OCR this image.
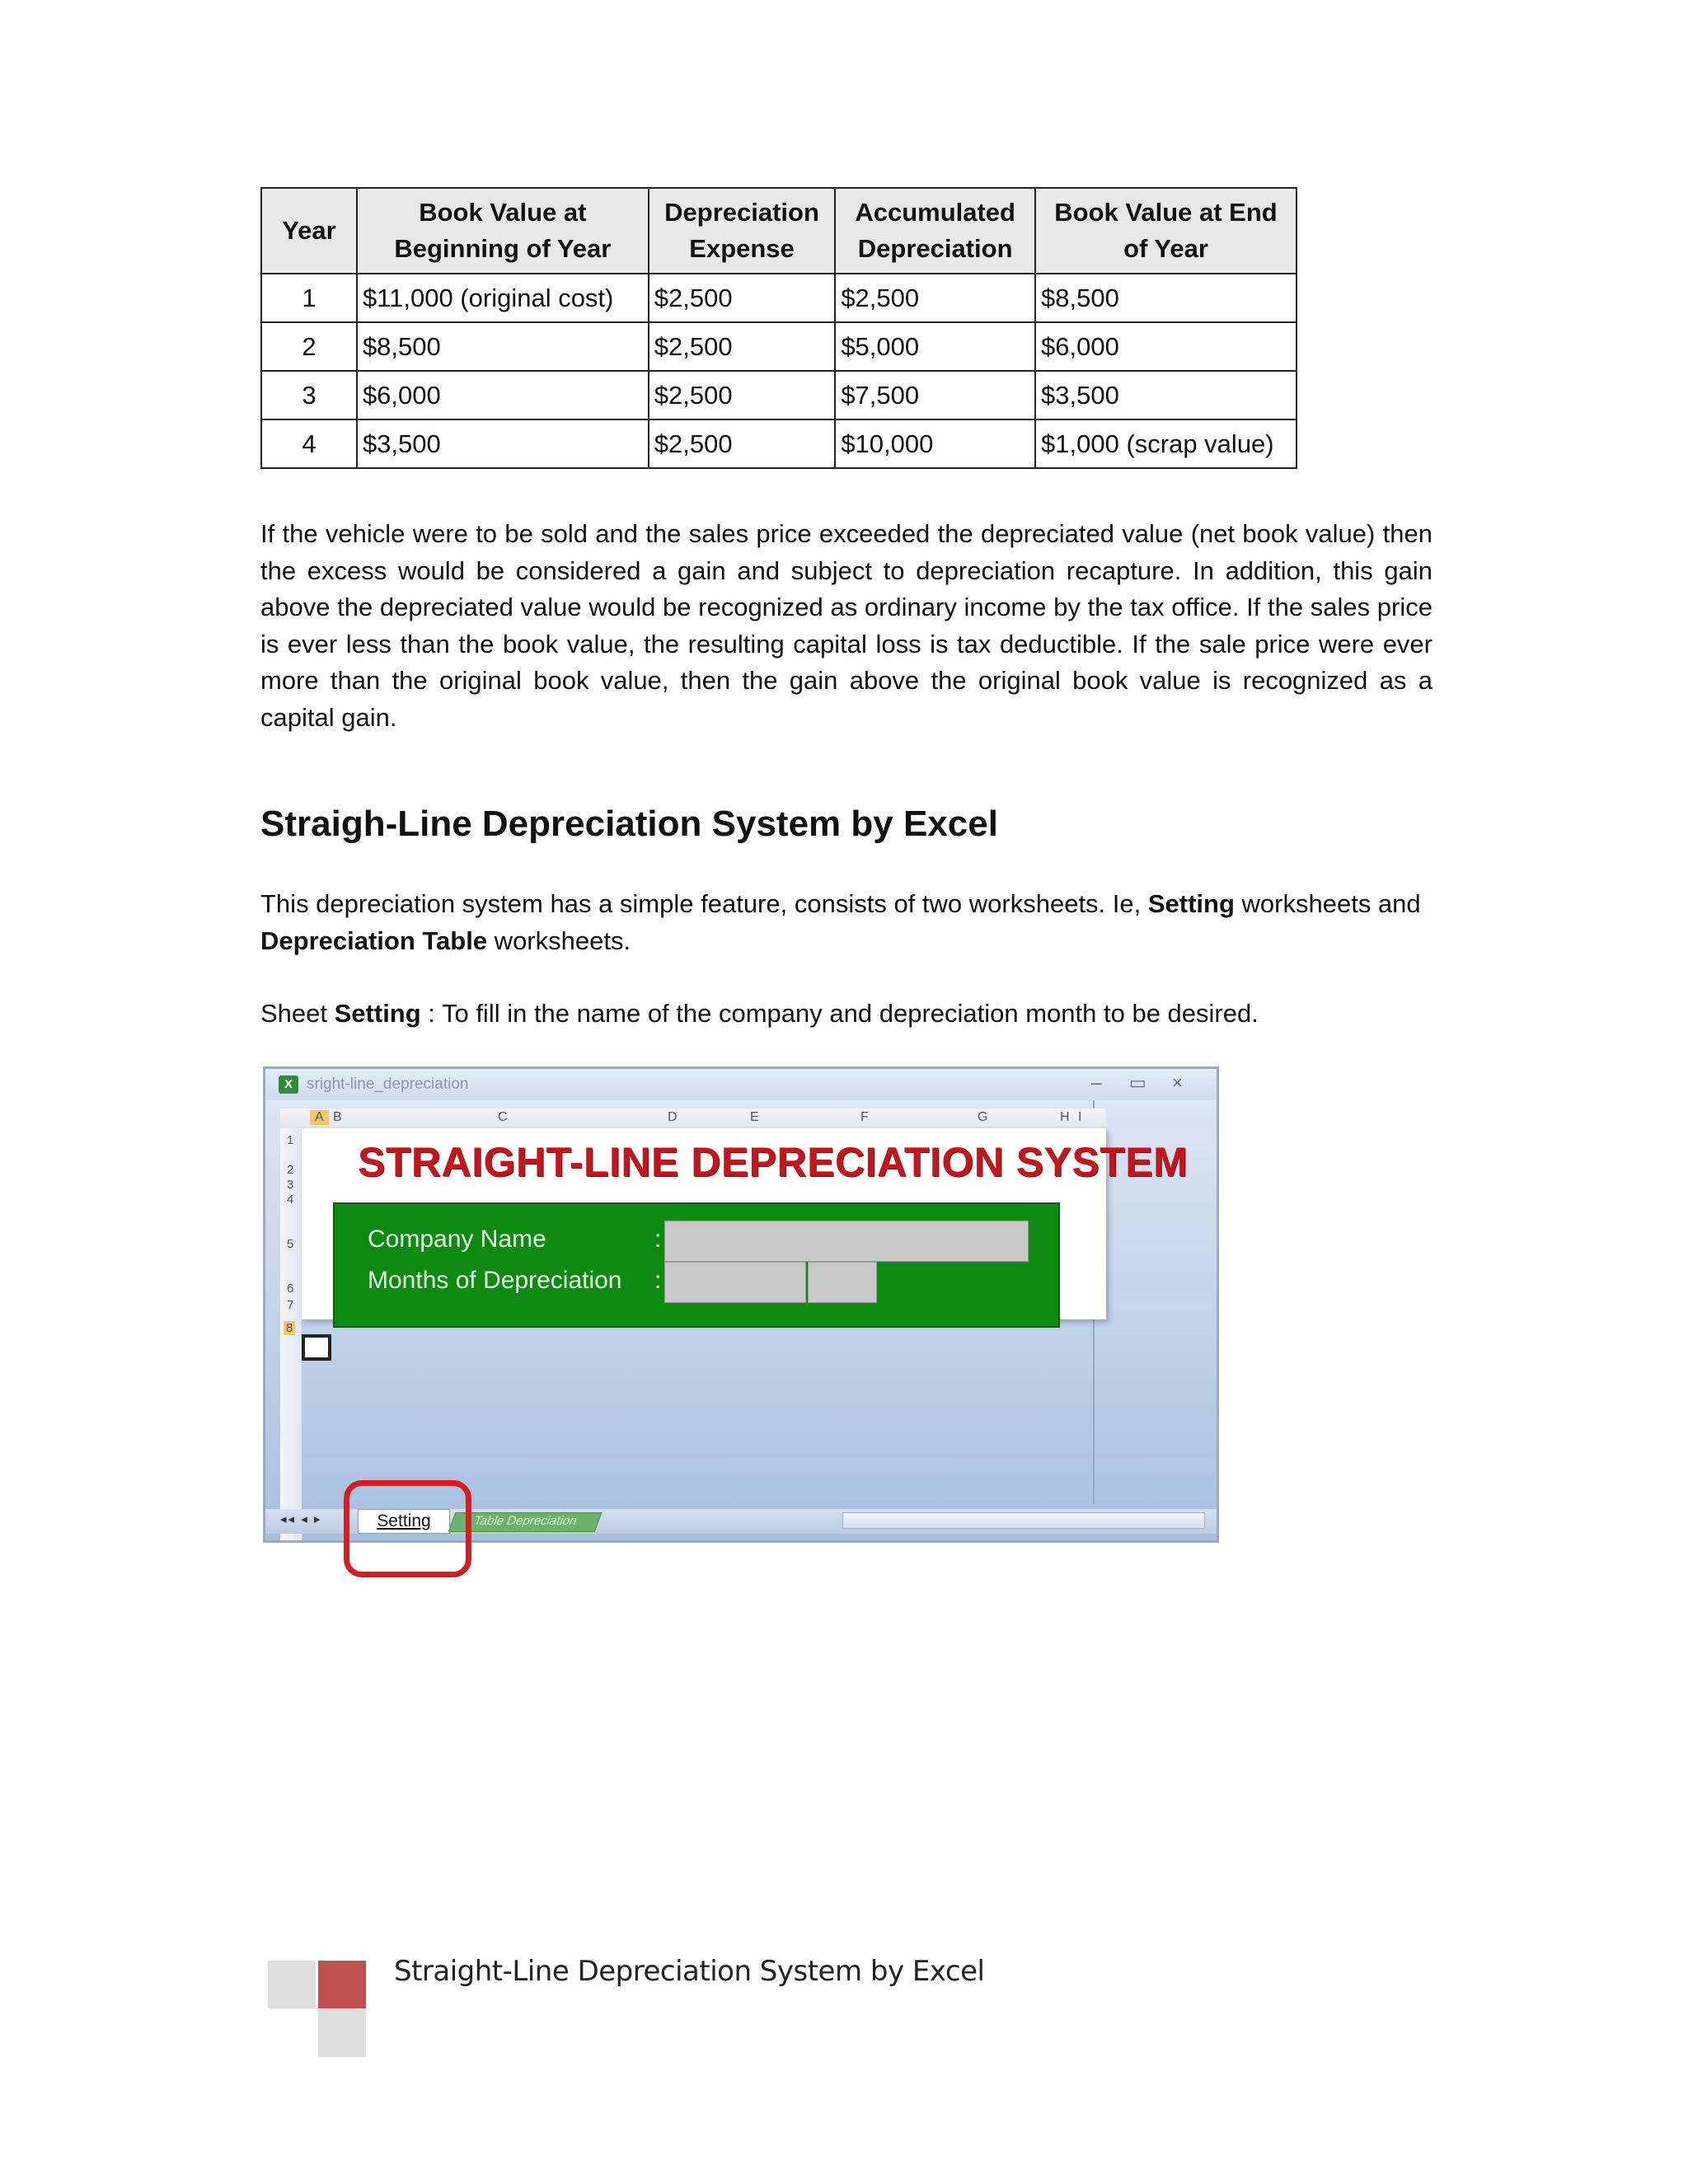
Year	Book Value at Beginning of Year	Depreciation Expense	Accumulated Depreciation	Book Value at End of Year
1	$11,000 (original cost)	$2,500	$2,500	$8,500
2	$8,500	$2,500	$5,000	$6,000
3	$6,000	$2,500	$7,500	$3,500
4	$3,500	$2,500	$10,000	$1,000 (scrap value)

If the vehicle were to be sold and the sales price exceeded the depreciated value (net book value) then the excess would be considered a gain and subject to depreciation recapture. In addition, this gain above the depreciated value would be recognized as ordinary income by the tax office. If the sales price is ever less than the book value, the resulting capital loss is tax deductible. If the sale price were ever more than the original book value, then the gain above the original book value is recognized as a capital gain.

Straigh-Line Depreciation System by Excel

This depreciation system has a simple feature, consists of two worksheets. Ie, Setting worksheets and Depreciation Table worksheets.

Sheet Setting : To fill in the name of the company and depreciation month to be desired.

X sright-line_depreciation	– ▭ ×
A B	C	D	E	F	G	H I
1
2
3
4
5
6
7
8
STRAIGHT-LINE DEPRECIATION SYSTEM
Company Name	:
Months of Depreciation :
◂◂ ◂ ▸	Setting	Table Depreciation
Straight-Line Depreciation System by Excel
